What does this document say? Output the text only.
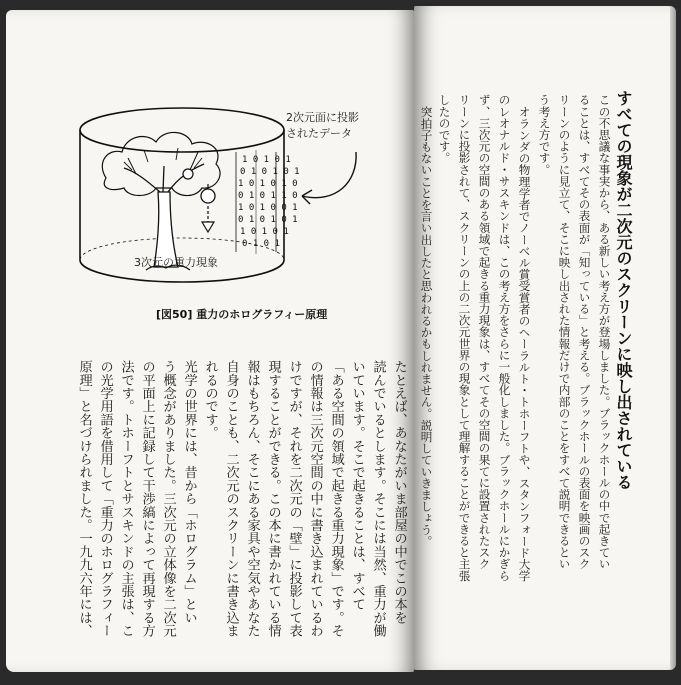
1 0 1 0 1
0 1 0 1 0 1
1 0 1 0 1 0
0 1 0 1 1 0
1 0 1 0 0 1
0 1 0 1 0 1
1 0 1 0 1
0 1 0 1
2次元面に投影
されたデータ
3次元の重力現象
[図50] 重力のホログラフィー原理
たとえば、あなたがいま部屋の中でこの本を
読んでいるとします。そこには当然、重力が働
いています。そこで起きることは、すべて
「ある空間の領域で起きる重力現象」です。そ
の情報は三次元空間の中に書き込まれているわ
けですが、それを二次元の「壁」に投影して表
現することができる。この本に書かれている情
報はもちろん、そこにある家具や空気やあなた
自身のことも、二次元のスクリーンに書き込ま
れるのです。
光学の世界には、昔から「ホログラム」とい
う概念がありました。三次元の立体像を二次元
の平面上に記録して干渉縞によって再現する方
法です。トホーフトとサスキンドの主張は、こ
の光学用語を借用して「重力のホログラフィー
原理」と名づけられました。一九九六年には、
すべての現象が二次元のスクリーンに映し出されている
この不思議な事実から、ある新しい考え方が登場しました。ブラックホールの中で起きてい
ることは、すべてその表面が「知っている」と考える。ブラックホールの表面を映画のスク
リーンのように見立て、そこに映し出された情報だけで内部のことをすべて説明できるとい
う考え方です。
オランダの物理学者でノーベル賞受賞者のヘーラルト・トホーフトや、スタンフォード大学
のレオナルド・サスキンドは、この考え方をさらに一般化しました。ブラックホールにかぎら
ず、三次元の空間のある領域で起きる重力現象は、すべてその空間の果てに設置されたスク
リーンに投影されて、スクリーンの上の二次元世界の現象として理解することができると主張
したのです。
突拍子もないことを言い出したと思われるかもしれません。説明していきましょう。
